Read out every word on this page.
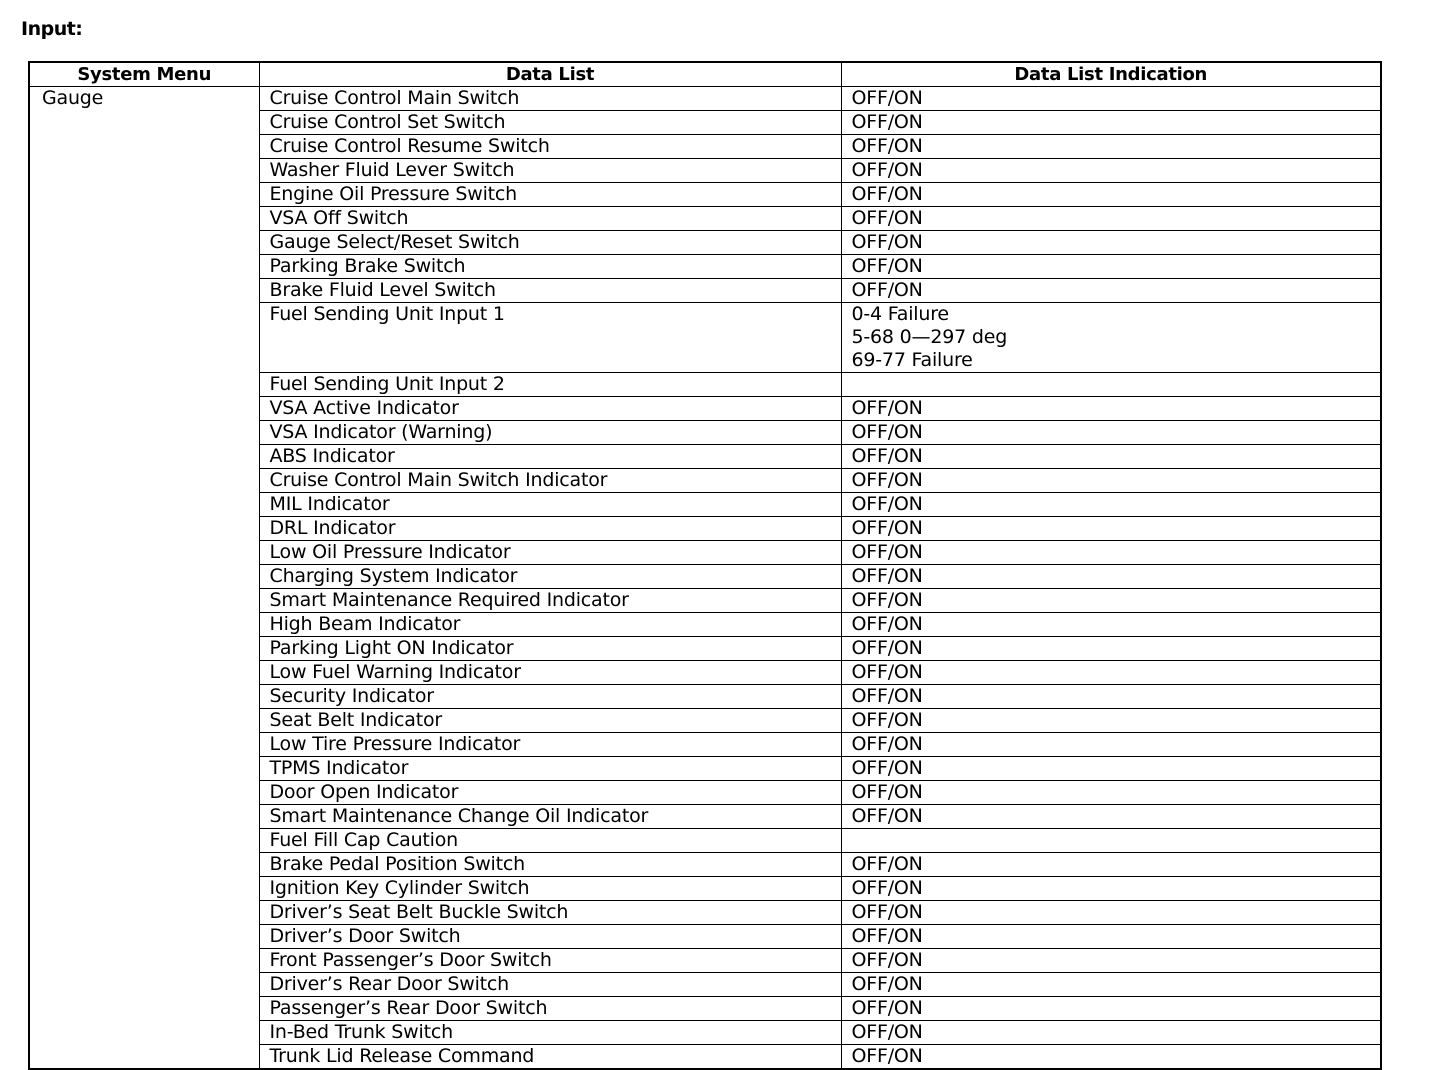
Input:
System Menu	Data List	Data List Indication
Gauge	Cruise Control Main Switch	OFF/ON

	Cruise Control Set Switch	OFF/ON

	Cruise Control Resume Switch	OFF/ON

	Washer Fluid Lever Switch	OFF/ON

	Engine Oil Pressure Switch	OFF/ON

	VSA Off Switch	OFF/ON

	Gauge Select/Reset Switch	OFF/ON

	Parking Brake Switch	OFF/ON

	Brake Fluid Level Switch	OFF/ON

	Fuel Sending Unit Input 1	0-4 Failure
5-68 0—297 deg
69-77 Failure

	Fuel Sending Unit Input 2	
	VSA Active Indicator	OFF/ON

	VSA Indicator (Warning)	OFF/ON

	ABS Indicator	OFF/ON

	Cruise Control Main Switch Indicator	OFF/ON

	MIL Indicator	OFF/ON

	DRL Indicator	OFF/ON

	Low Oil Pressure Indicator	OFF/ON

	Charging System Indicator	OFF/ON

	Smart Maintenance Required Indicator	OFF/ON

	High Beam Indicator	OFF/ON

	Parking Light ON Indicator	OFF/ON

	Low Fuel Warning Indicator	OFF/ON

	Security Indicator	OFF/ON

	Seat Belt Indicator	OFF/ON

	Low Tire Pressure Indicator	OFF/ON

	TPMS Indicator	OFF/ON

	Door Open Indicator	OFF/ON

	Smart Maintenance Change Oil Indicator	OFF/ON

	Fuel Fill Cap Caution	
	Brake Pedal Position Switch	OFF/ON

	Ignition Key Cylinder Switch	OFF/ON

	Driver’s Seat Belt Buckle Switch	OFF/ON

	Driver’s Door Switch	OFF/ON

	Front Passenger’s Door Switch	OFF/ON

	Driver’s Rear Door Switch	OFF/ON

	Passenger’s Rear Door Switch	OFF/ON

	In-Bed Trunk Switch	OFF/ON

	Trunk Lid Release Command	OFF/ON
